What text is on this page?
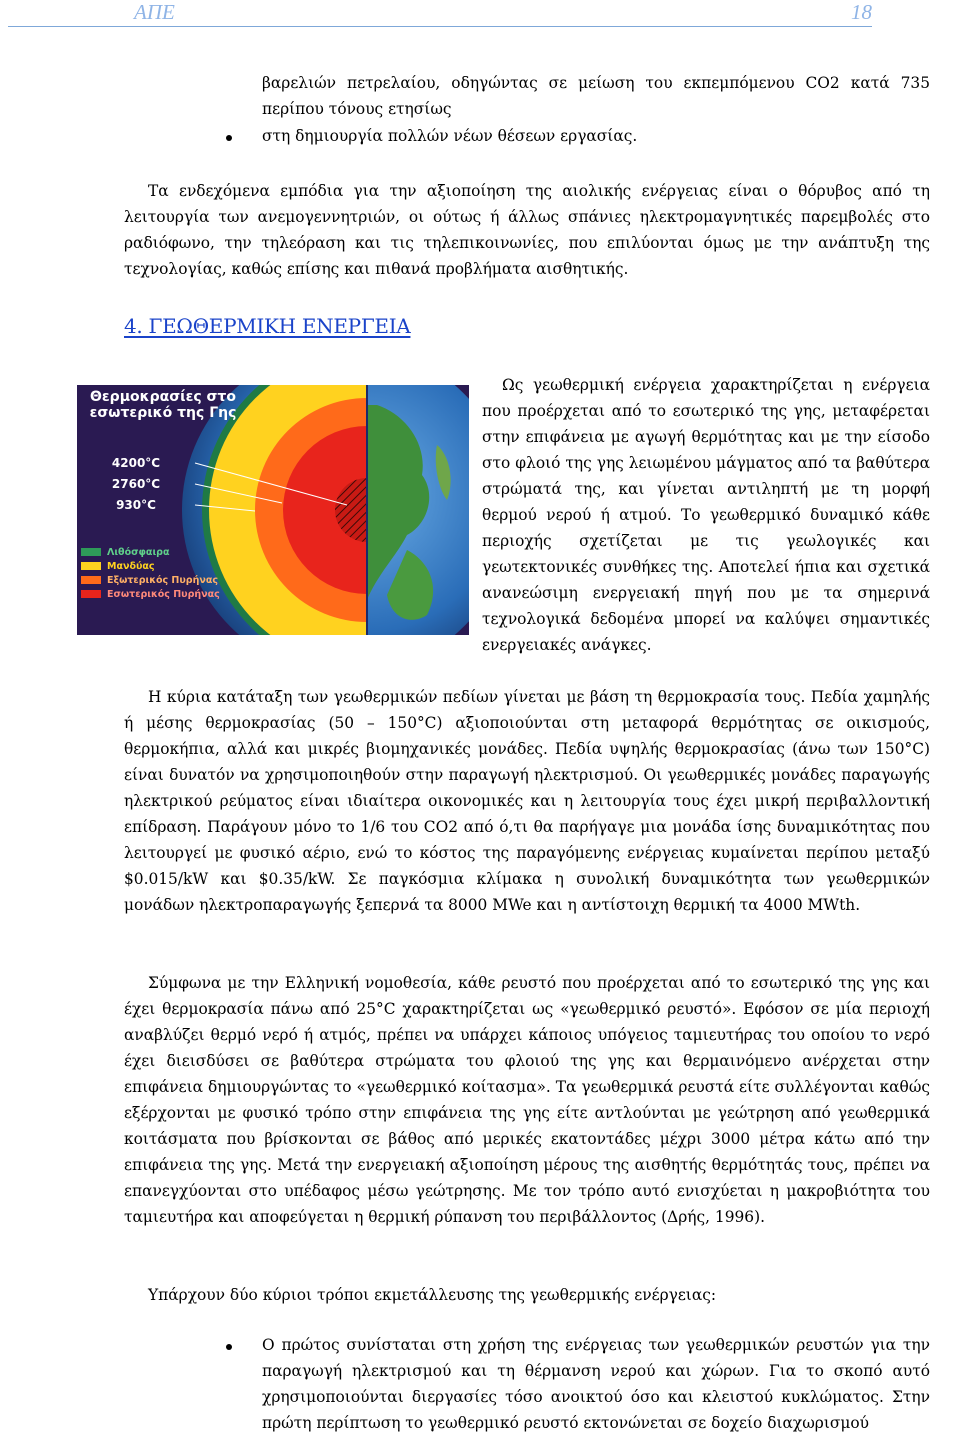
ΑΠΕ	18

βαρελιών πετρελαίου, οδηγώντας σε μείωση του εκπεμπόμενου CO2 κατά 735 περίπου τόνους ετησίως

στη δημιουργία πολλών νέων θέσεων εργασίας.

Τα ενδεχόμενα εμπόδια για την αξιοποίηση της αιολικής ενέργειας είναι ο θόρυβος από τη λειτουργία των ανεμογεννητριών, οι ούτως ή άλλως σπάνιες ηλεκτρομαγνητικές παρεμβολές στο ραδιόφωνο, την τηλεόραση και τις τηλεπικοινωνίες, που επιλύονται όμως με την ανάπτυξη της τεχνολογίας, καθώς επίσης και πιθανά προβλήματα αισθητικής.

4. ΓΕΩΘΕΡΜΙΚΗ ΕΝΕΡΓΕΙΑ
Θερμοκρασίες στο εσωτερικό της Γης
4200°C
2760°C
930°C
Λιθόσφαιρα
Μανδύας
Εξωτερικός Πυρήνας
Εσωτερικός Πυρήνας

Ως γεωθερμική ενέργεια χαρακτηρίζεται η ενέργεια που προέρχεται από το εσωτερικό της γης, μεταφέρεται στην επιφάνεια με αγωγή θερμότητας και με την είσοδο στο φλοιό της γης λειωμένου μάγματος από τα βαθύτερα στρώματά της, και γίνεται αντιληπτή με τη μορφή θερμού νερού ή ατμού. Το γεωθερμικό δυναμικό κάθε περιοχής σχετίζεται με τις γεωλογικές και γεωτεκτονικές συνθήκες της. Αποτελεί ήπια και σχετικά ανανεώσιμη ενεργειακή πηγή που με τα σημερινά τεχνολογικά δεδομένα μπορεί να καλύψει σημαντικές ενεργειακές ανάγκες.

Η κύρια κατάταξη των γεωθερμικών πεδίων γίνεται με βάση τη θερμοκρασία τους. Πεδία χαμηλής ή μέσης θερμοκρασίας (50 – 150°C) αξιοποιούνται στη μεταφορά θερμότητας σε οικισμούς, θερμοκήπια, αλλά και μικρές βιομηχανικές μονάδες. Πεδία υψηλής θερμοκρασίας (άνω των 150°C) είναι δυνατόν να χρησιμοποιηθούν στην παραγωγή ηλεκτρισμού. Οι γεωθερμικές μονάδες παραγωγής ηλεκτρικού ρεύματος είναι ιδιαίτερα οικονομικές και η λειτουργία τους έχει μικρή περιβαλλοντική επίδραση. Παράγουν μόνο το 1/6 του CO2 από ό,τι θα παρήγαγε μια μονάδα ίσης δυναμικότητας που λειτουργεί με φυσικό αέριο, ενώ το κόστος της παραγόμενης ενέργειας κυμαίνεται περίπου μεταξύ $0.015/kW και $0.35/kW. Σε παγκόσμια κλίμακα η συνολική δυναμικότητα των γεωθερμικών μονάδων ηλεκτροπαραγωγής ξεπερνά τα 8000 MWe και η αντίστοιχη θερμική τα 4000 MWth.

Σύμφωνα με την Ελληνική νομοθεσία, κάθε ρευστό που προέρχεται από το εσωτερικό της γης και έχει θερμοκρασία πάνω από 25°C χαρακτηρίζεται ως «γεωθερμικό ρευστό». Εφόσον σε μία περιοχή αναβλύζει θερμό νερό ή ατμός, πρέπει να υπάρχει κάποιος υπόγειος ταμιευτήρας του οποίου το νερό έχει διεισδύσει σε βαθύτερα στρώματα του φλοιού της γης και θερμαινόμενο ανέρχεται στην επιφάνεια δημιουργώντας το «γεωθερμικό κοίτασμα». Τα γεωθερμικά ρευστά είτε συλλέγονται καθώς εξέρχονται με φυσικό τρόπο στην επιφάνεια της γης είτε αντλούνται με γεώτρηση από γεωθερμικά κοιτάσματα που βρίσκονται σε βάθος από μερικές εκατοντάδες μέχρι 3000 μέτρα κάτω από την επιφάνεια της γης. Μετά την ενεργειακή αξιοποίηση μέρους της αισθητής θερμότητάς τους, πρέπει να επανεγχύονται στο υπέδαφος μέσω γεώτρησης. Με τον τρόπο αυτό ενισχύεται η μακροβιότητα του ταμιευτήρα και αποφεύγεται η θερμική ρύπανση του περιβάλλοντος (Δρής, 1996).

Υπάρχουν δύο κύριοι τρόποι εκμετάλλευσης της γεωθερμικής ενέργειας:

Ο πρώτος συνίσταται στη χρήση της ενέργειας των γεωθερμικών ρευστών για την παραγωγή ηλεκτρισμού και τη θέρμανση νερού και χώρων. Για το σκοπό αυτό χρησιμοποιούνται διεργασίες τόσο ανοικτού όσο και κλειστού κυκλώματος. Στην πρώτη περίπτωση το γεωθερμικό ρευστό εκτονώνεται σε δοχείο διαχωρισμού
